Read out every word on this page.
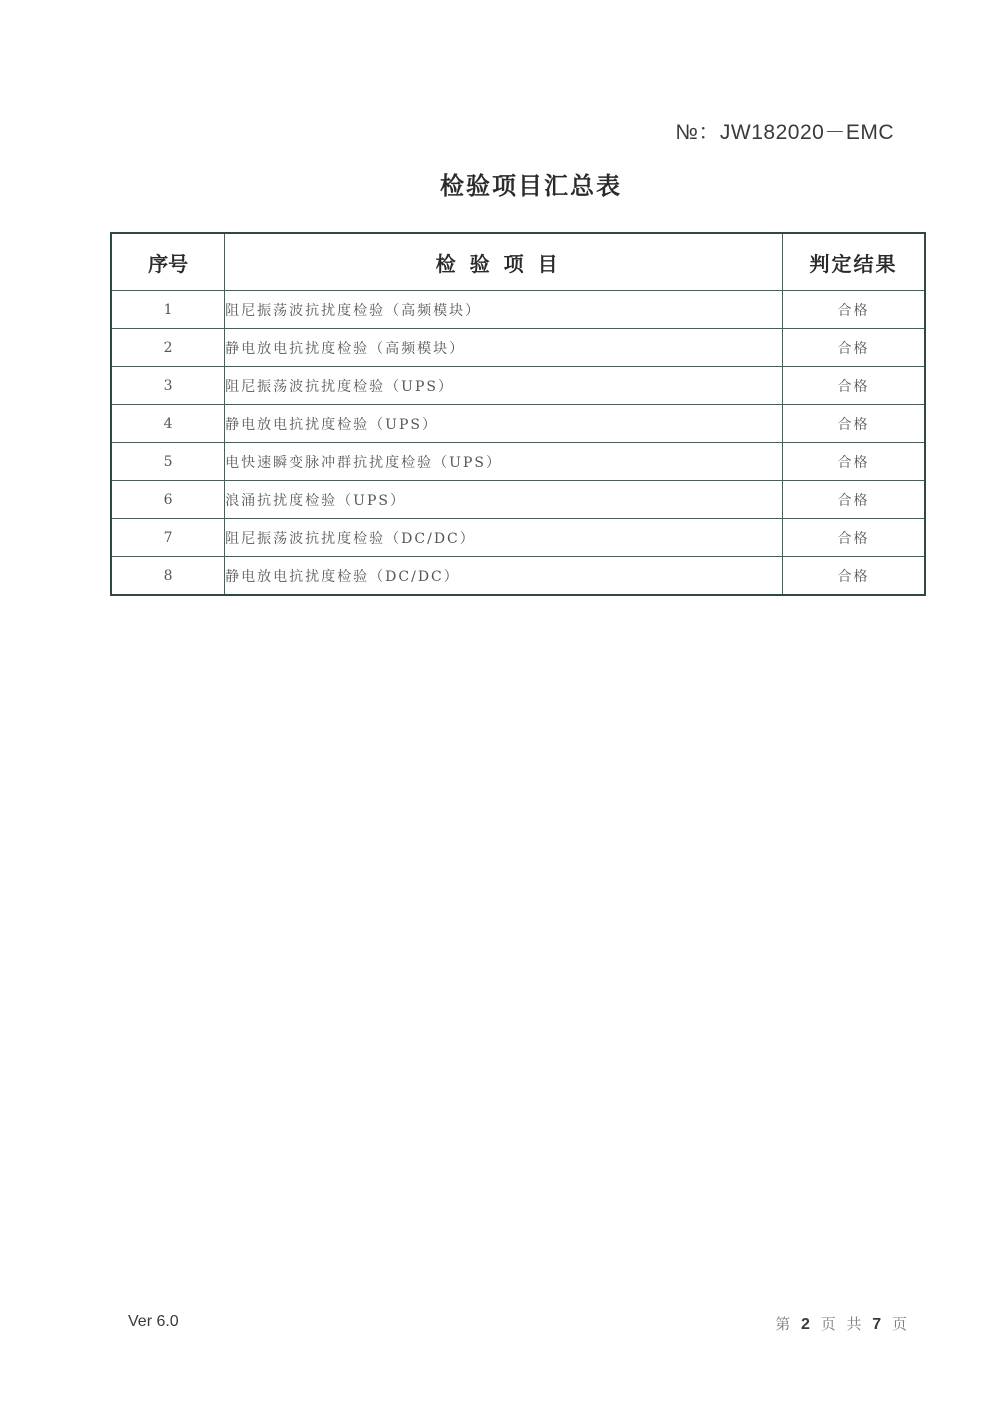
№：JW182020－EMC
检验项目汇总表
序号	检验项目	判定结果
1	阻尼振荡波抗扰度检验（高频模块）	合格
2	静电放电抗扰度检验（高频模块）	合格
3	阻尼振荡波抗扰度检验（UPS）	合格
4	静电放电抗扰度检验（UPS）	合格
5	电快速瞬变脉冲群抗扰度检验（UPS）	合格
6	浪涌抗扰度检验（UPS）	合格
7	阻尼振荡波抗扰度检验（DC/DC）	合格
8	静电放电抗扰度检验（DC/DC）	合格
Ver 6.0	第 2 页 共 7 页
